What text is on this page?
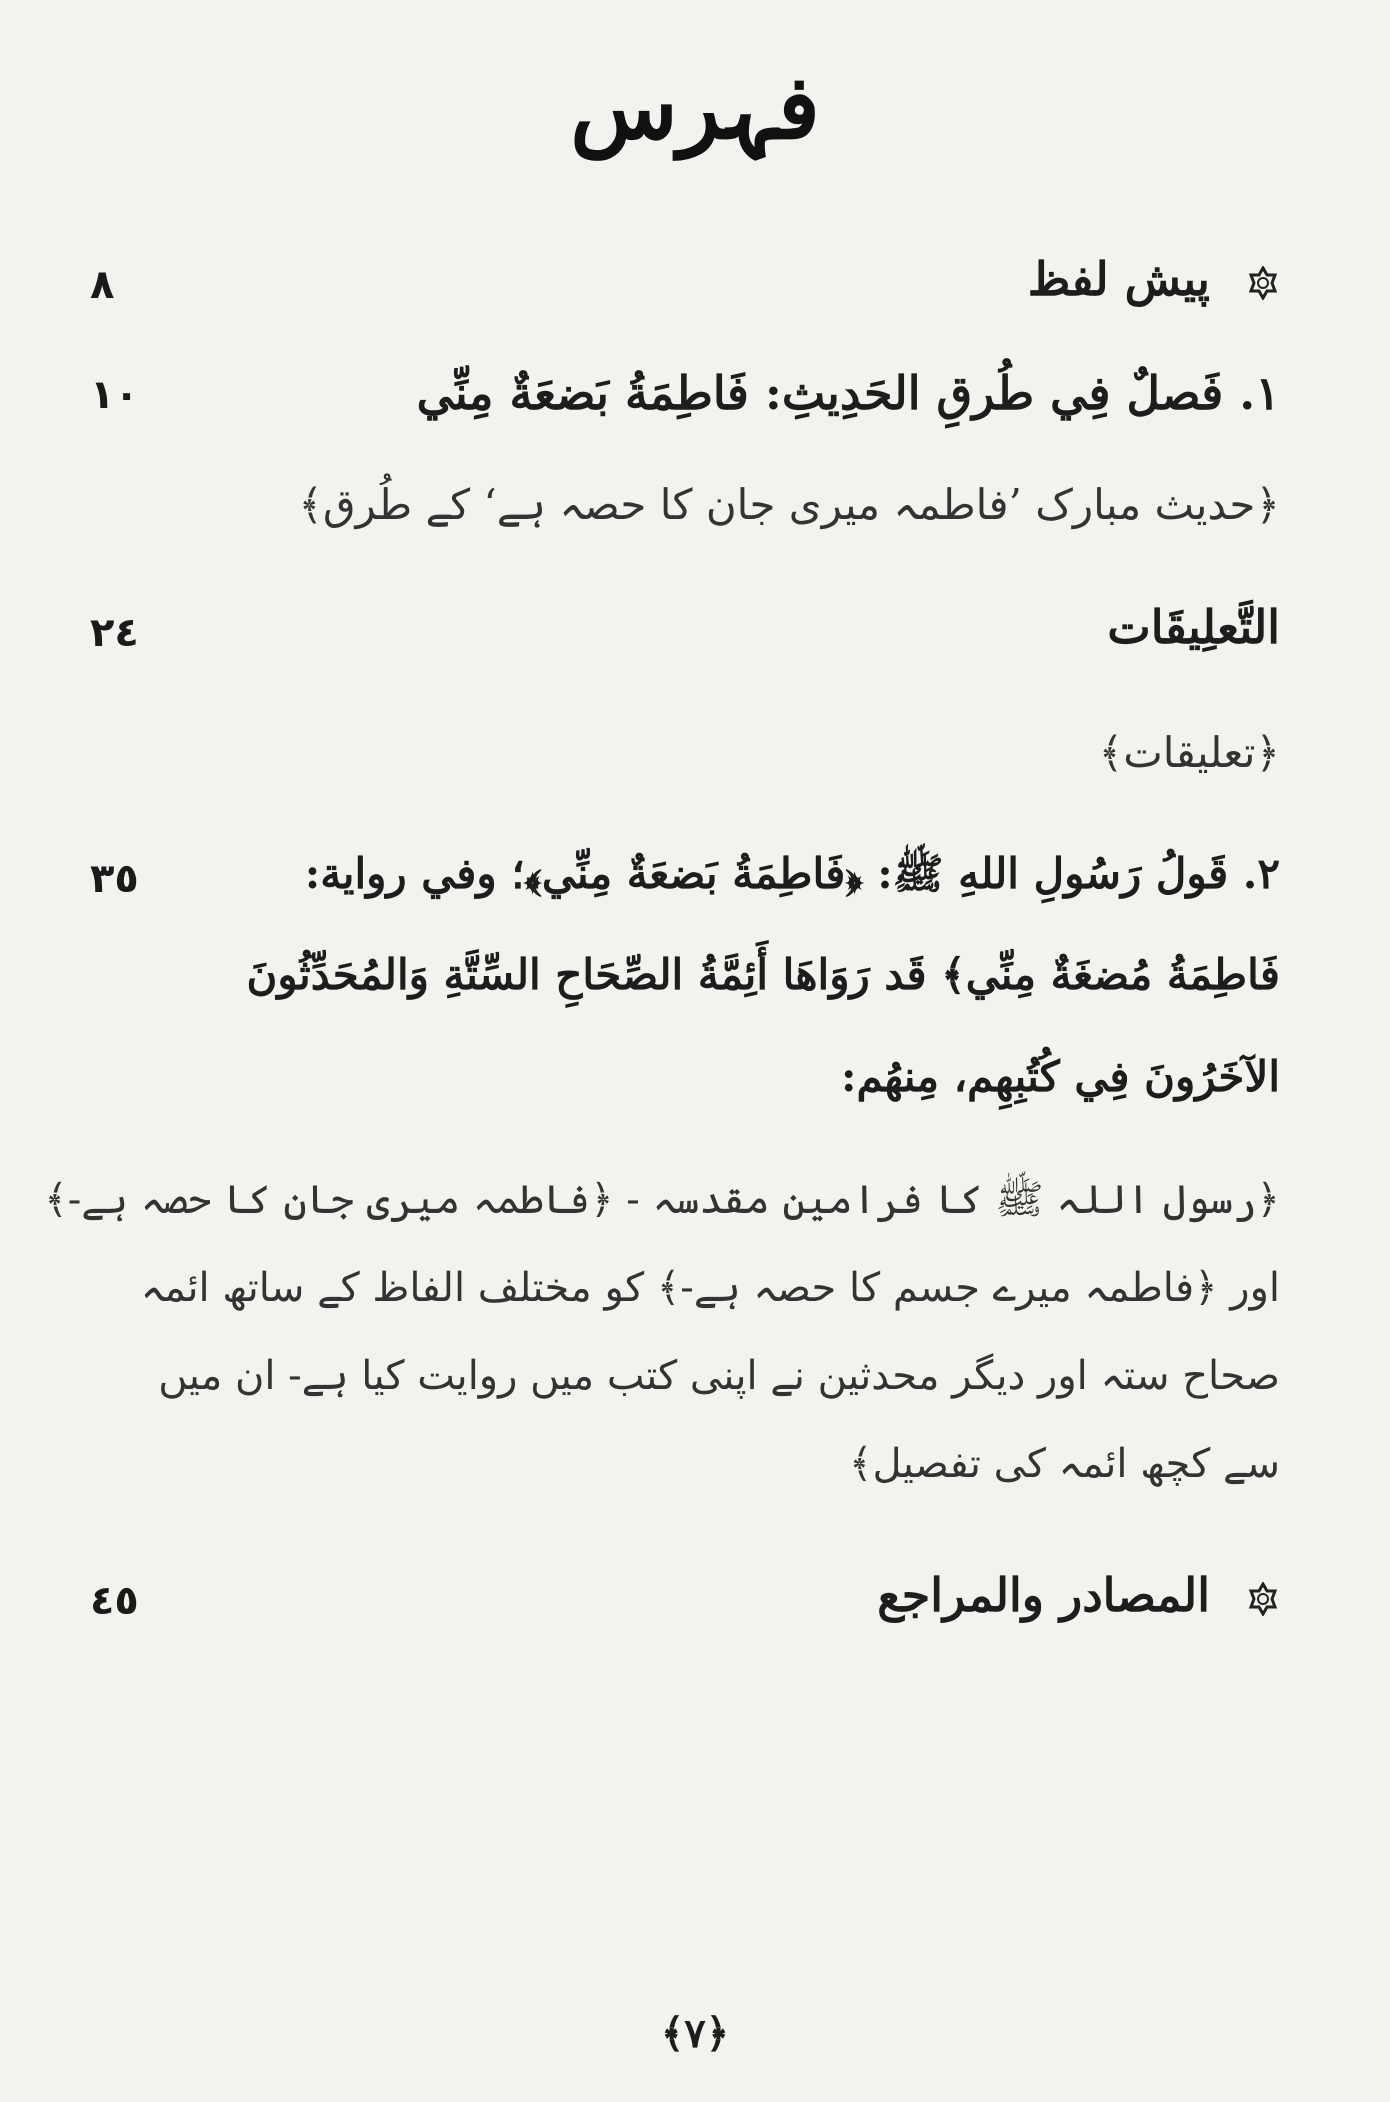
فہرس
۸	پیش لفظ
١٠	١. فَصلٌ فِي طُرقِ الحَدِيثِ: فَاطِمَةُ بَضعَةٌ مِنِّي
﴿حدیث مبارک ’فاطمہ میری جان کا حصہ ہے‘ کے طُرق﴾
٢٤	التَّعلِيقَات
﴿تعلیقات﴾
٣٥	٢. قَولُ رَسُولِ اللهِ ﷺ: ﴿فَاطِمَةُ بَضعَةٌ مِنِّي﴾؛ وفي رواية:
فَاطِمَةُ مُضغَةٌ مِنِّي﴾ قَد رَوَاهَا أَئِمَّةُ الصِّحَاحِ السِّتَّةِ وَالمُحَدِّثُونَ
الآخَرُونَ فِي كُتُبِهِم، مِنهُم:
﴿رسول اللہ ﷺ کا فرامین مقدسہ - ﴿فاطمہ میری جان کا حصہ ہے-﴾
اور ﴿فاطمہ میرے جسم کا حصہ ہے-﴾ کو مختلف الفاظ کے ساتھ ائمہ
صحاح ستہ اور دیگر محدثین نے اپنی کتب میں روایت کیا ہے- ان میں
سے کچھ ائمہ کی تفصیل﴾
٤٥	المصادر والمراجع
﴿٧﴾
